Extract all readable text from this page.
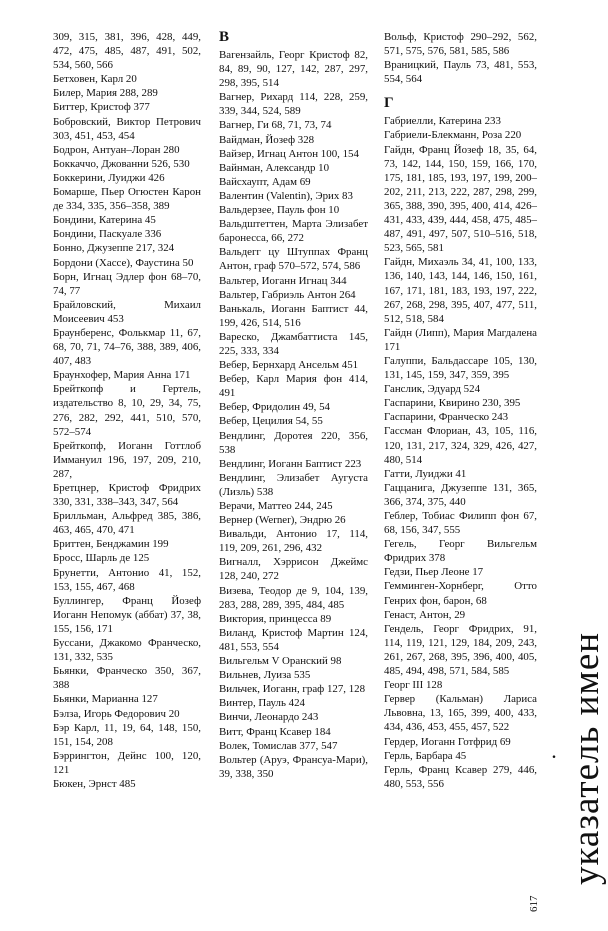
309, 315, 381, 396, 428, 449, 472, 475, 485, 487, 491, 502, 534, 560, 566
Бетховен, Карл 20
Билер, Мария 288, 289
Биттер, Кристоф 377
Бобровский, Виктор Петрович 303, 451, 453, 454
Бодрон, Антуан–Лоран 280
Боккаччо, Джованни 526, 530
Боккерини, Луиджи 426
Бомарше, Пьер Огюстен Карон де 334, 335, 356–358, 389
Бондини, Катерина 45
Бондини, Паскуале 336
Бонно, Джузеппе 217, 324
Бордони (Хассе), Фаустина 50
Борн, Игнац Эдлер фон 68–70, 74, 77
Брайловский, Михаил Моисеевич 453
Браунберенс, Фолькмар 11, 67, 68, 70, 71, 74–76, 388, 389, 406, 407, 483
Браунхофер, Мария Анна 171
Брейткопф и Гертель, издательство 8, 10, 29, 34, 75, 276, 282, 292, 441, 510, 570, 572–574
Брейткопф, Иоганн Готтлоб Иммануил 196, 197, 209, 210, 287,
Бретцнер, Кристоф Фридрих 330, 331, 338–343, 347, 564
Брилльман, Альфред 385, 386, 463, 465, 470, 471
Бриттен, Бенджамин 199
Бросс, Шарль де 125
Брунетти, Антонио 41, 152, 153, 155, 467, 468
Буллингер, Франц Йозеф Иоганн Непомук (аббат) 37, 38, 155, 156, 171
Буссани, Джакомо Франческо, 131, 332, 535
Бьянки, Франческо 350, 367, 388
Бьянки, Марианна 127
Бэлза, Игорь Федорович 20
Бэр Карл, 11, 19, 64, 148, 150, 151, 154, 208
Бэррингтон, Дейнс 100, 120, 121
Бюкен, Эрнст 485
В
Вагензайль, Георг Кристоф 82, 84, 89, 90, 127, 142, 287, 297, 298, 395, 514
Вагнер, Рихард 114, 228, 259, 339, 344, 524, 589
Вагнер, Ги 68, 71, 73, 74
Вайдман, Йозеф 328
Вайзер, Игнац Антон 100, 154
Вайнман, Александр 10
Вайсхаупт, Адам 69
Валентин (Valentin), Эрих 83
Вальдерзее, Пауль фон 10
Вальдштеттен, Марта Элизабет баронесса, 66, 272
Вальдегг цу Штуппах Франц Антон, граф 570–572, 574, 586
Вальтер, Иоганн Игнац 344
Вальтер, Габриэль Антон 264
Ванькаль, Иоганн Баптист 44, 199, 426, 514, 516
Вареско, Джамбаттиста 145, 225, 333, 334
Вебер, Бернхард Ансельм 451
Вебер, Карл Мария фон 414, 491
Вебер, Фридолин 49, 54
Вебер, Цецилия 54, 55
Вендлинг, Доротея 220, 356, 538
Вендлинг, Иоганн Баптист 223
Вендлинг, Элизабет Аугуста (Лизль) 538
Верачи, Маттео 244, 245
Вернер (Werner), Эндрю 26
Вивальди, Антонио 17, 114, 119, 209, 261, 296, 432
Вигналл, Хэррисон Джеймс 128, 240, 272
Визева, Теодор де 9, 104, 139, 283, 288, 289, 395, 484, 485
Виктория, принцесса 89
Виланд, Кристоф Мартин 124, 481, 553, 554
Вильгельм V Оранский 98
Вильнев, Луиза 535
Вильчек, Иоганн, граф 127, 128
Винтер, Пауль 424
Винчи, Леонардо 243
Витт, Франц Ксавер 184
Волек, Томислав 377, 547
Вольтер (Аруэ, Франсуа-Мари), 39, 338, 350
Вольф, Кристоф 290–292, 562, 571, 575, 576, 581, 585, 586
Враницкий, Пауль 73, 481, 553, 554, 564
Г
Габриелли, Катерина 233
Габриели-Блекманн, Роза 220
Гайдн, Франц Йозеф 18, 35, 64, 73, 142, 144, 150, 159, 166, 170, 175, 181, 185, 193, 197, 199, 200–202, 211, 213, 222, 287, 298, 299, 365, 388, 390, 395, 400, 414, 426–431, 433, 439, 444, 458, 475, 485–487, 491, 497, 507, 510–516, 518, 523, 565, 581
Гайдн, Михаэль 34, 41, 100, 133, 136, 140, 143, 144, 146, 150, 161, 167, 171, 181, 183, 193, 197, 222, 267, 268, 298, 395, 407, 477, 511, 512, 518, 584
Гайдн (Липп), Мария Магдалена 171
Галуппи, Бальдассаре 105, 130, 131, 145, 159, 347, 359, 395
Ганслик, Эдуард 524
Гаспарини, Квирино 230, 395
Гаспарини, Франческо 243
Гассман Флориан, 43, 105, 116, 120, 131, 217, 324, 329, 426, 427, 480, 514
Гатти, Луиджи 41
Гаццанига, Джузеппе 131, 365, 366, 374, 375, 440
Геблер, Тобиас Филипп фон 67, 68, 156, 347, 555
Гегель, Георг Вильгельм Фридрих 378
Гедзи, Пьер Леоне 17
Гемминген-Хорнберг, Отто Генрих фон, барон, 68
Генаст, Антон, 29
Гендель, Георг Фридрих, 91, 114, 119, 121, 129, 184, 209, 243, 261, 267, 268, 395, 396, 400, 405, 485, 494, 498, 571, 584, 585
Георг III 128
Гервер (Кальман) Лариса Львовна, 13, 165, 399, 400, 433, 434, 436, 453, 455, 457, 522
Гердер, Иоганн Готфрид 69
Герль, Барбара 45
Герль, Франц Ксавер 279, 446, 480, 553, 556
. указатель имен
617
